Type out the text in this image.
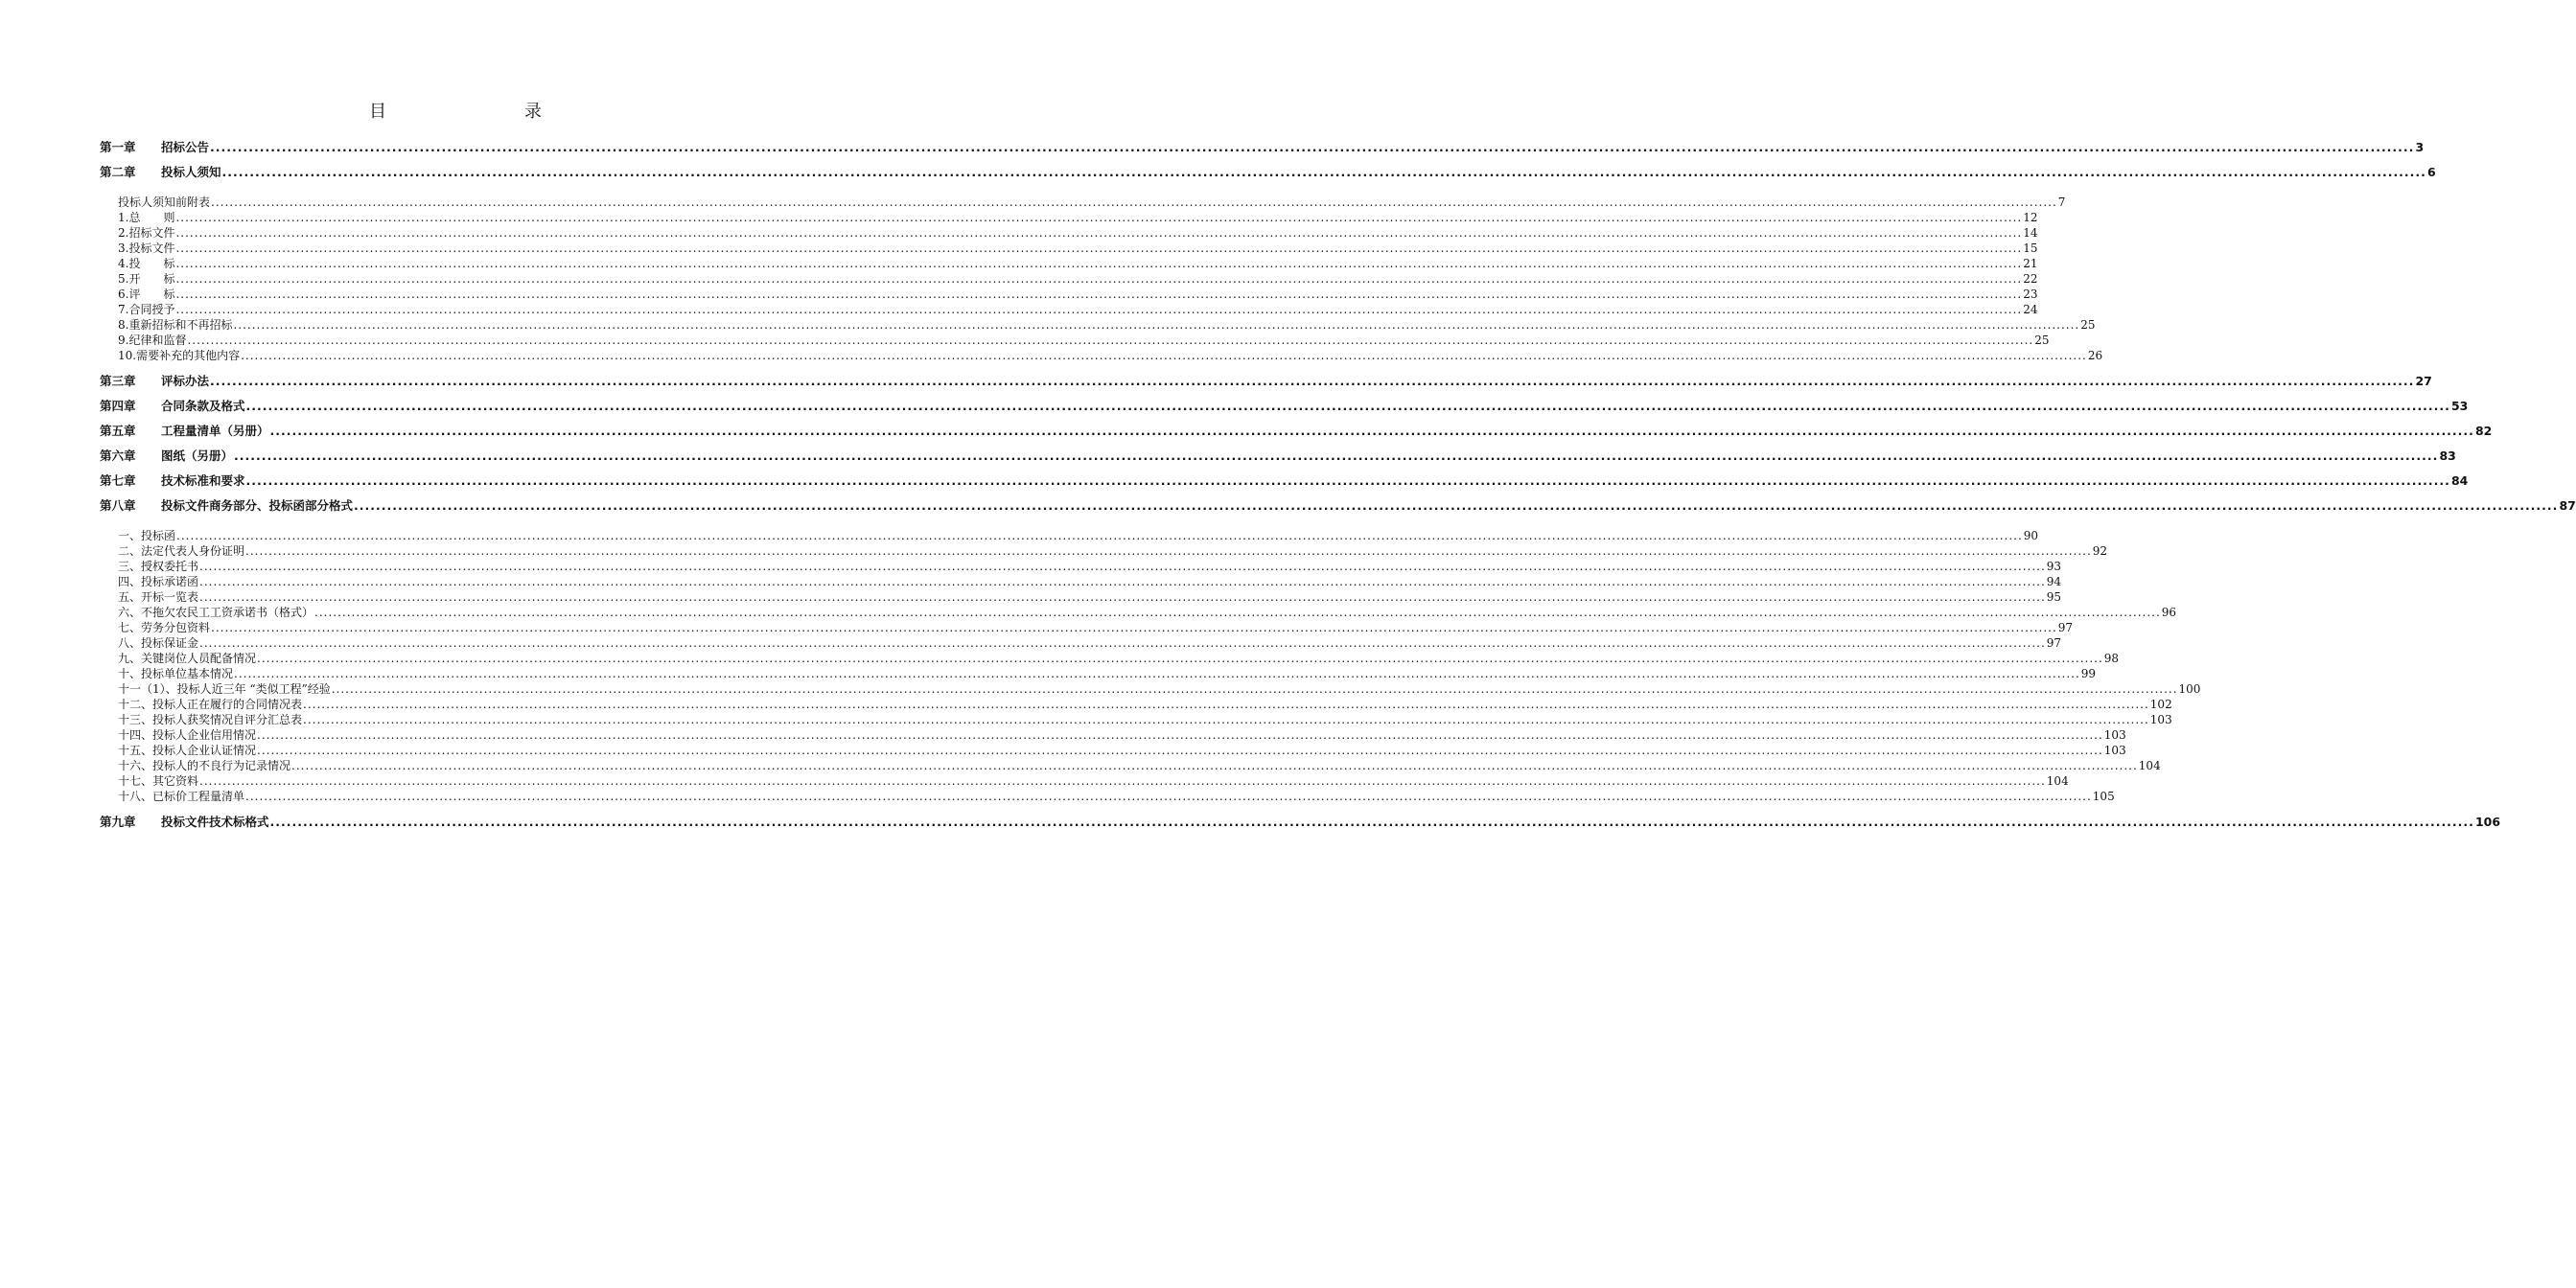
目　　录
第一章 招标公告 ................................................................................................................................................................................................................................................................................................................................................................................................................ 3
第二章 投标人须知 ................................................................................................................................................................................................................................................................................................................................................................................................................ 6
投标人须知前附表 ................................................................................................................................................................................................................................................................................................................................................................................................................ 7
1.总　　则 ................................................................................................................................................................................................................................................................................................................................................................................................................ 12
2.招标文件 ................................................................................................................................................................................................................................................................................................................................................................................................................ 14
3.投标文件 ................................................................................................................................................................................................................................................................................................................................................................................................................ 15
4.投　　标 ................................................................................................................................................................................................................................................................................................................................................................................................................ 21
5.开　　标 ................................................................................................................................................................................................................................................................................................................................................................................................................ 22
6.评　　标 ................................................................................................................................................................................................................................................................................................................................................................................................................ 23
7.合同授予 ................................................................................................................................................................................................................................................................................................................................................................................................................ 24
8.重新招标和不再招标 ................................................................................................................................................................................................................................................................................................................................................................................................................ 25
9.纪律和监督 ................................................................................................................................................................................................................................................................................................................................................................................................................ 25
10.需要补充的其他内容 ................................................................................................................................................................................................................................................................................................................................................................................................................ 26
第三章 评标办法 ................................................................................................................................................................................................................................................................................................................................................................................................................ 27
第四章 合同条款及格式 ................................................................................................................................................................................................................................................................................................................................................................................................................ 53
第五章 工程量清单（另册） ................................................................................................................................................................................................................................................................................................................................................................................................................ 82
第六章 图纸（另册） ................................................................................................................................................................................................................................................................................................................................................................................................................ 83
第七章 技术标准和要求 ................................................................................................................................................................................................................................................................................................................................................................................................................ 84
第八章 投标文件商务部分、投标函部分格式 ................................................................................................................................................................................................................................................................................................................................................................................................................ 87
一、投标函 ................................................................................................................................................................................................................................................................................................................................................................................................................ 90
二、法定代表人身份证明 ................................................................................................................................................................................................................................................................................................................................................................................................................ 92
三、授权委托书 ................................................................................................................................................................................................................................................................................................................................................................................................................ 93
四、投标承诺函 ................................................................................................................................................................................................................................................................................................................................................................................................................ 94
五、开标一览表 ................................................................................................................................................................................................................................................................................................................................................................................................................ 95
六、不拖欠农民工工资承诺书（格式） ................................................................................................................................................................................................................................................................................................................................................................................................................ 96
七、劳务分包资料 ................................................................................................................................................................................................................................................................................................................................................................................................................ 97
八、投标保证金 ................................................................................................................................................................................................................................................................................................................................................................................................................ 97
九、关键岗位人员配备情况 ................................................................................................................................................................................................................................................................................................................................................................................................................ 98
十、投标单位基本情况 ................................................................................................................................................................................................................................................................................................................................................................................................................ 99
十一（1）、投标人近三年 “类似工程”经验 ................................................................................................................................................................................................................................................................................................................................................................................................................ 100
十二、投标人正在履行的合同情况表 ................................................................................................................................................................................................................................................................................................................................................................................................................ 102
十三、投标人获奖情况自评分汇总表 ................................................................................................................................................................................................................................................................................................................................................................................................................ 103
十四、投标人企业信用情况 ................................................................................................................................................................................................................................................................................................................................................................................................................ 103
十五、投标人企业认证情况 ................................................................................................................................................................................................................................................................................................................................................................................................................ 103
十六、投标人的不良行为记录情况 ................................................................................................................................................................................................................................................................................................................................................................................................................ 104
十七、其它资料 ................................................................................................................................................................................................................................................................................................................................................................................................................ 104
十八、已标价工程量清单 ................................................................................................................................................................................................................................................................................................................................................................................................................ 105
第九章 投标文件技术标格式 ................................................................................................................................................................................................................................................................................................................................................................................................................ 106
